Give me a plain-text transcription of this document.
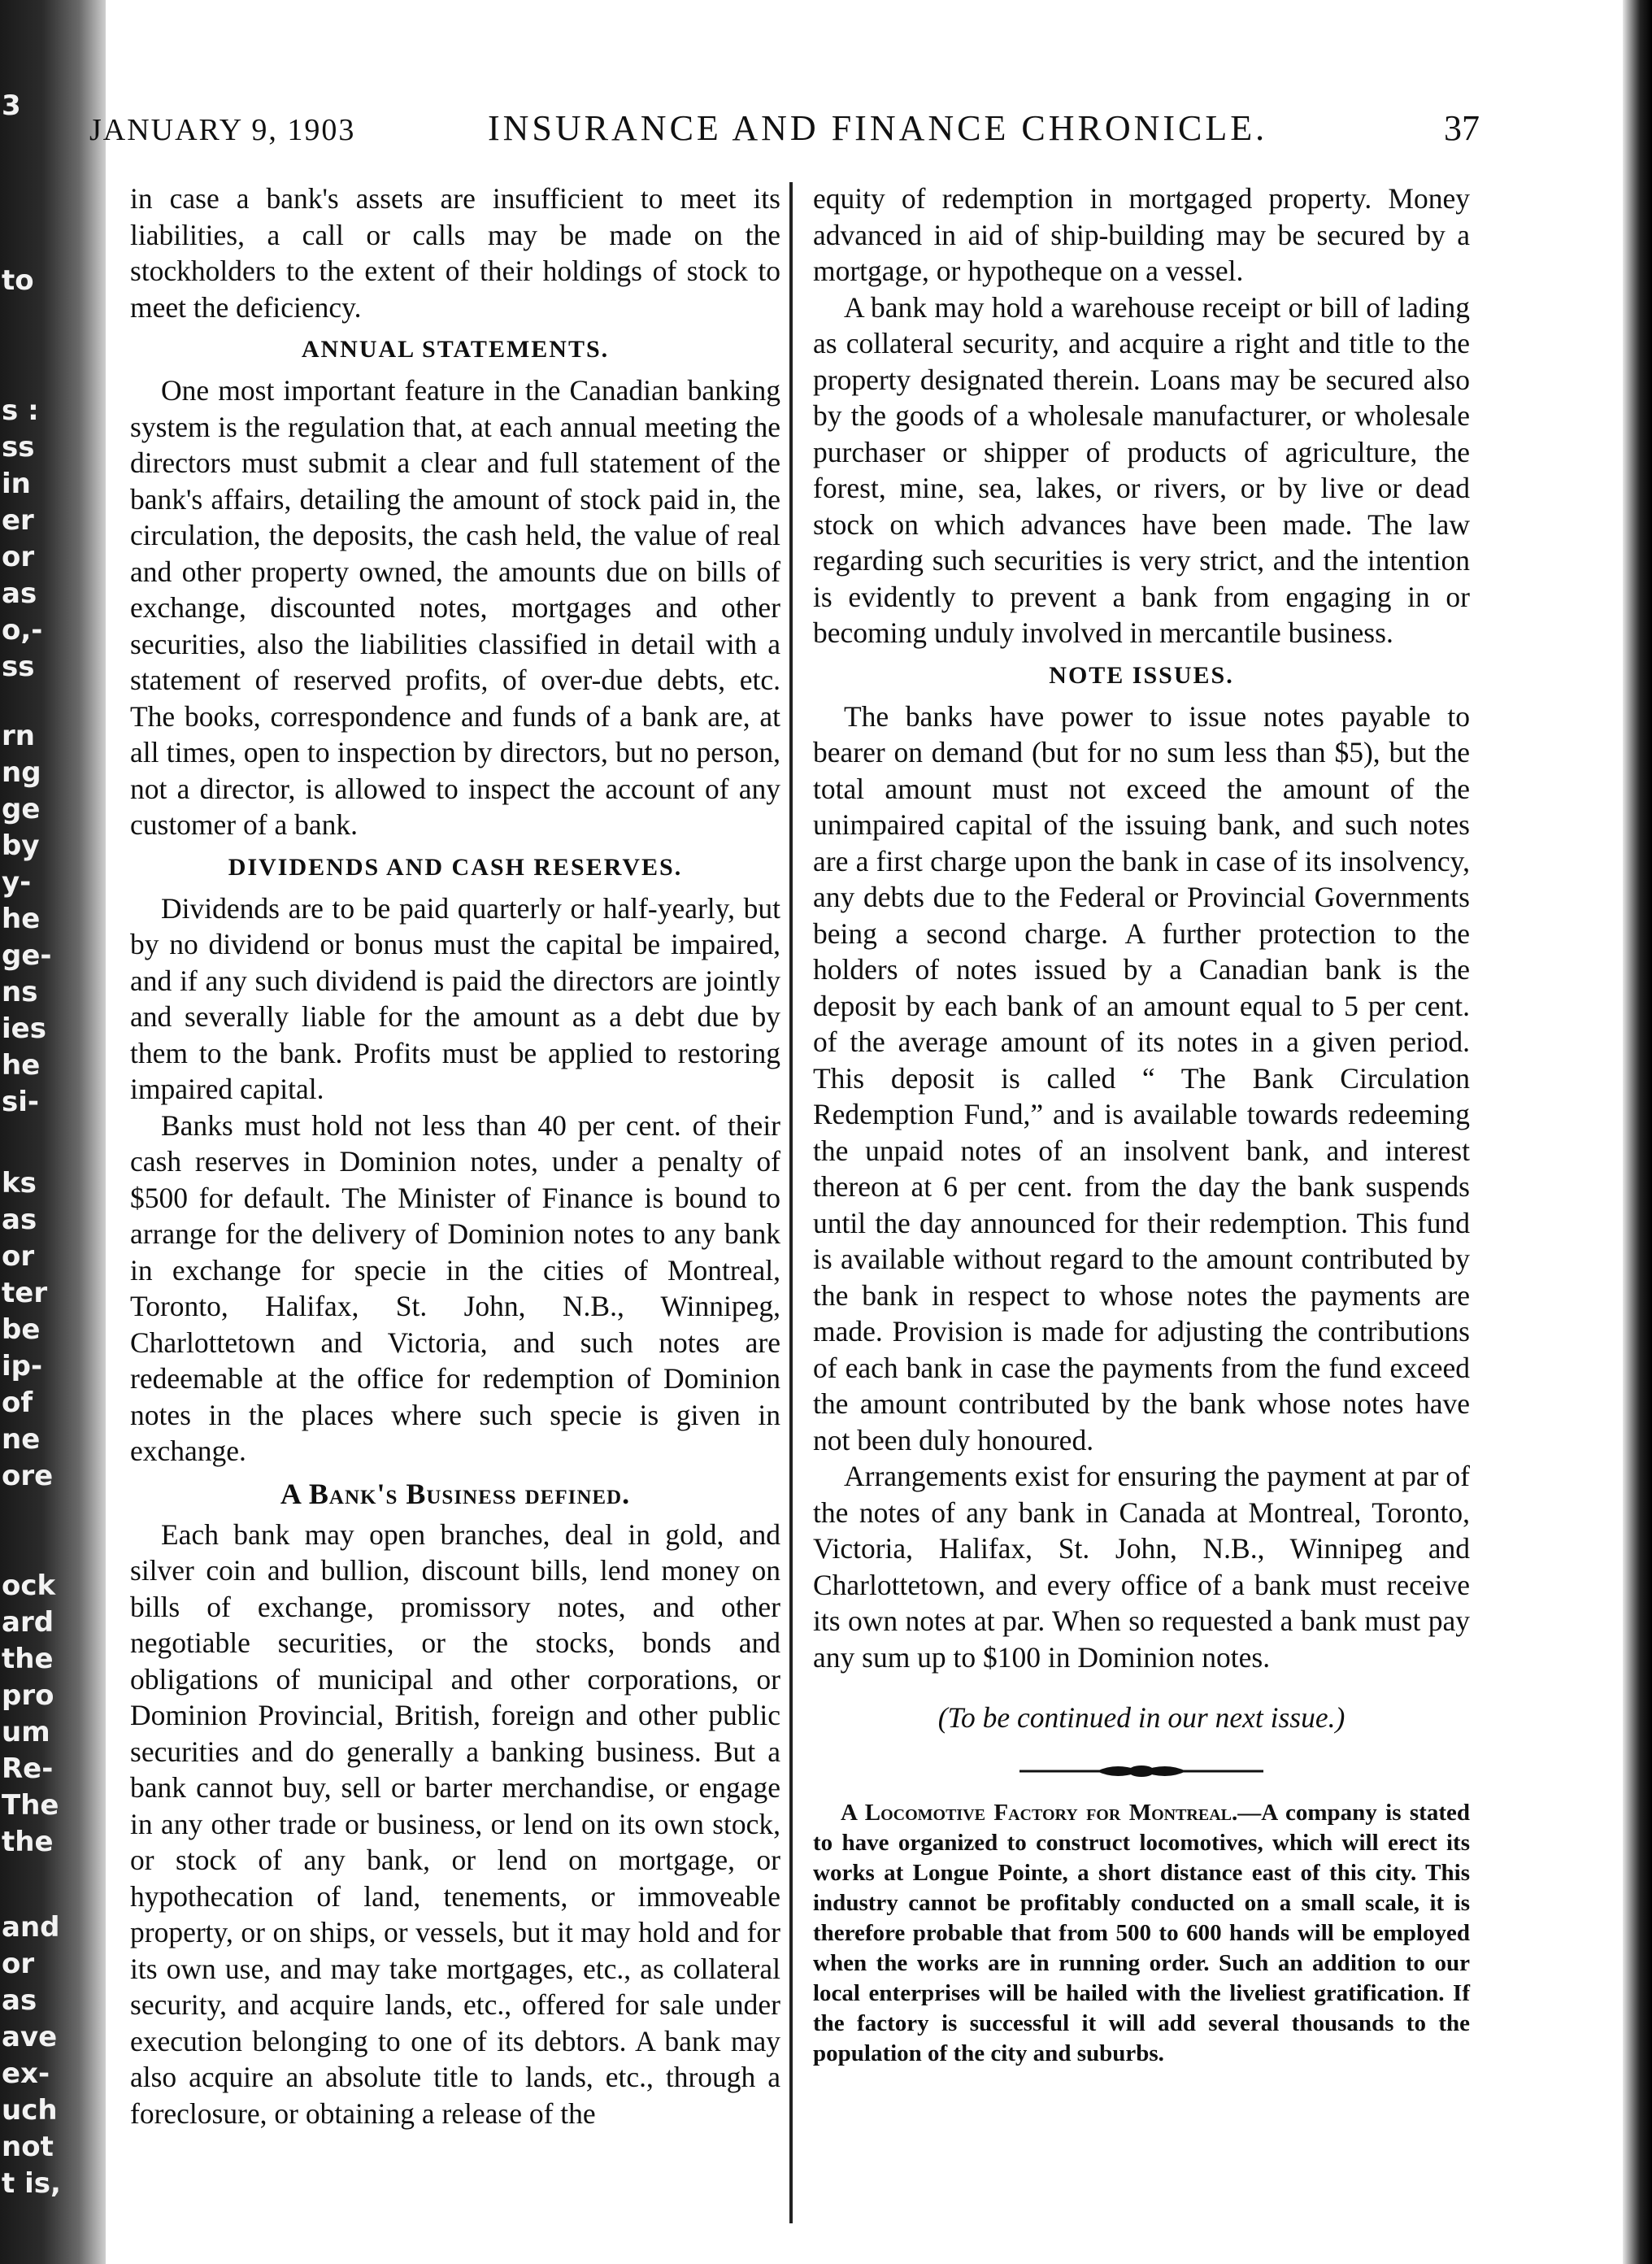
3
to
s :
ss
in
er
or
as
o,-
ss
rn
ng
ge
by
y-
he
ge-
ns
ies
he
si-
ks
as
or
ter
be
ip-
of
ne
ore
ock
ard
the
pro
um
Re-
The
the
and
or
as
ave
ex-
uch
not
t is,
JANUARY 9, 1903	INSURANCE AND FINANCE CHRONICLE.	37

in case a bank's assets are insufficient to meet its liabilities, a call or calls may be made on the stockholders to the extent of their holdings of stock to meet the deficiency.

ANNUAL STATEMENTS.

One most important feature in the Canadian banking system is the regulation that, at each annual meeting the directors must submit a clear and full statement of the bank's affairs, detailing the amount of stock paid in, the circulation, the deposits, the cash held, the value of real and other property owned, the amounts due on bills of exchange, discounted notes, mortgages and other securities, also the liabilities classified in detail with a statement of reserved profits, of over-due debts, etc. The books, correspondence and funds of a bank are, at all times, open to inspection by directors, but no person, not a director, is allowed to inspect the account of any customer of a bank.

DIVIDENDS AND CASH RESERVES.

Dividends are to be paid quarterly or half-yearly, but by no dividend or bonus must the capital be impaired, and if any such dividend is paid the directors are jointly and severally liable for the amount as a debt due by them to the bank. Profits must be applied to restoring impaired capital.

Banks must hold not less than 40 per cent. of their cash reserves in Dominion notes, under a penalty of $500 for default. The Minister of Finance is bound to arrange for the delivery of Dominion notes to any bank in exchange for specie in the cities of Montreal, Toronto, Halifax, St. John, N.B., Winnipeg, Charlottetown and Victoria, and such notes are redeemable at the office for redemption of Dominion notes in the places where such specie is given in exchange.

A Bank's Business defined.

Each bank may open branches, deal in gold, and silver coin and bullion, discount bills, lend money on bills of exchange, promissory notes, and other negotiable securities, or the stocks, bonds and obligations of municipal and other corporations, or Dominion Provincial, British, foreign and other public securities and do generally a banking business. But a bank cannot buy, sell or barter merchandise, or engage in any other trade or business, or lend on its own stock, or stock of any bank, or lend on mortgage, or hypothecation of land, tenements, or immoveable property, or on ships, or vessels, but it may hold and for its own use, and may take mortgages, etc., as collateral security, and acquire lands, etc., offered for sale under execution belonging to one of its debtors. A bank may also acquire an absolute title to lands, etc., through a foreclosure, or obtaining a release of the

equity of redemption in mortgaged property. Money advanced in aid of ship-building may be secured by a mortgage, or hypotheque on a vessel.

A bank may hold a warehouse receipt or bill of lading as collateral security, and acquire a right and title to the property designated therein. Loans may be secured also by the goods of a wholesale manufacturer, or wholesale purchaser or shipper of products of agriculture, the forest, mine, sea, lakes, or rivers, or by live or dead stock on which advances have been made. The law regarding such securities is very strict, and the intention is evidently to prevent a bank from engaging in or becoming unduly involved in mercantile business.

NOTE ISSUES.

The banks have power to issue notes payable to bearer on demand (but for no sum less than $5), but the total amount must not exceed the amount of the unimpaired capital of the issuing bank, and such notes are a first charge upon the bank in case of its insolvency, any debts due to the Federal or Provincial Governments being a second charge. A further protection to the holders of notes issued by a Canadian bank is the deposit by each bank of an amount equal to 5 per cent. of the average amount of its notes in a given period. This deposit is called “ The Bank Circulation Redemption Fund,” and is available towards redeeming the unpaid notes of an insolvent bank, and interest thereon at 6 per cent. from the day the bank suspends until the day announced for their redemption. This fund is available without regard to the amount contributed by the bank in respect to whose notes the payments are made. Provision is made for adjusting the contributions of each bank in case the payments from the fund exceed the amount contributed by the bank whose notes have not been duly honoured.

Arrangements exist for ensuring the payment at par of the notes of any bank in Canada at Montreal, Toronto, Victoria, Halifax, St. John, N.B., Winnipeg and Charlottetown, and every office of a bank must receive its own notes at par. When so requested a bank must pay any sum up to $100 in Dominion notes.

(To be continued in our next issue.)

A Locomotive Factory for Montreal.—A company is stated to have organized to construct locomotives, which will erect its works at Longue Pointe, a short distance east of this city. This industry cannot be profitably conducted on a small scale, it is therefore probable that from 500 to 600 hands will be employed when the works are in running order. Such an addition to our local enterprises will be hailed with the liveliest gratification. If the factory is successful it will add several thousands to the population of the city and suburbs.
